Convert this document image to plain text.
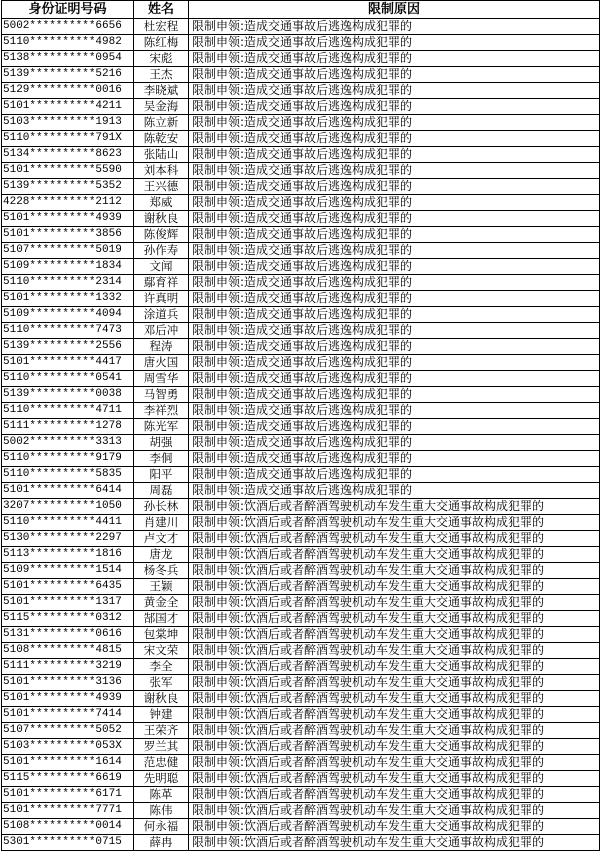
身份证明号码	姓名	限制原因
5002**********6656	杜宏程	限制申领:造成交通事故后逃逸构成犯罪的
5110**********4982	陈红梅	限制申领:造成交通事故后逃逸构成犯罪的
5138**********0954	宋彪	限制申领:造成交通事故后逃逸构成犯罪的
5139**********5216	王杰	限制申领:造成交通事故后逃逸构成犯罪的
5129**********0016	李晓斌	限制申领:造成交通事故后逃逸构成犯罪的
5101**********4211	吴金海	限制申领:造成交通事故后逃逸构成犯罪的
5103**********1913	陈立新	限制申领:造成交通事故后逃逸构成犯罪的
5110**********791X	陈乾安	限制申领:造成交通事故后逃逸构成犯罪的
5134**********8623	张陆山	限制申领:造成交通事故后逃逸构成犯罪的
5101**********5590	刘本科	限制申领:造成交通事故后逃逸构成犯罪的
5139**********5352	王兴德	限制申领:造成交通事故后逃逸构成犯罪的
4228**********2112	郑威	限制申领:造成交通事故后逃逸构成犯罪的
5101**********4939	谢秋良	限制申领:造成交通事故后逃逸构成犯罪的
5101**********3856	陈俊辉	限制申领:造成交通事故后逃逸构成犯罪的
5107**********5019	孙作寿	限制申领:造成交通事故后逃逸构成犯罪的
5109**********1834	文闻	限制申领:造成交通事故后逃逸构成犯罪的
5110**********2314	鄢育祥	限制申领:造成交通事故后逃逸构成犯罪的
5101**********1332	许真明	限制申领:造成交通事故后逃逸构成犯罪的
5109**********4094	涂道兵	限制申领:造成交通事故后逃逸构成犯罪的
5110**********7473	邓后冲	限制申领:造成交通事故后逃逸构成犯罪的
5139**********2556	程涛	限制申领:造成交通事故后逃逸构成犯罪的
5101**********4417	唐火国	限制申领:造成交通事故后逃逸构成犯罪的
5110**********0541	周雪华	限制申领:造成交通事故后逃逸构成犯罪的
5139**********0038	马智勇	限制申领:造成交通事故后逃逸构成犯罪的
5110**********4711	李祥烈	限制申领:造成交通事故后逃逸构成犯罪的
5111**********1278	陈光军	限制申领:造成交通事故后逃逸构成犯罪的
5002**********3313	胡强	限制申领:造成交通事故后逃逸构成犯罪的
5110**********9179	李侗	限制申领:造成交通事故后逃逸构成犯罪的
5110**********5835	阳平	限制申领:造成交通事故后逃逸构成犯罪的
5101**********6414	周磊	限制申领:造成交通事故后逃逸构成犯罪的
3207**********1050	孙长林	限制申领:饮酒后或者醉酒驾驶机动车发生重大交通事故构成犯罪的
5110**********4411	肖建川	限制申领:饮酒后或者醉酒驾驶机动车发生重大交通事故构成犯罪的
5130**********2297	卢文才	限制申领:饮酒后或者醉酒驾驶机动车发生重大交通事故构成犯罪的
5113**********1816	唐龙	限制申领:饮酒后或者醉酒驾驶机动车发生重大交通事故构成犯罪的
5109**********1514	杨冬兵	限制申领:饮酒后或者醉酒驾驶机动车发生重大交通事故构成犯罪的
5101**********6435	王颖	限制申领:饮酒后或者醉酒驾驶机动车发生重大交通事故构成犯罪的
5101**********1317	黄金全	限制申领:饮酒后或者醉酒驾驶机动车发生重大交通事故构成犯罪的
5115**********0312	郜国才	限制申领:饮酒后或者醉酒驾驶机动车发生重大交通事故构成犯罪的
5131**********0616	包棠坤	限制申领:饮酒后或者醉酒驾驶机动车发生重大交通事故构成犯罪的
5108**********4815	宋文荣	限制申领:饮酒后或者醉酒驾驶机动车发生重大交通事故构成犯罪的
5111**********3219	李全	限制申领:饮酒后或者醉酒驾驶机动车发生重大交通事故构成犯罪的
5101**********3136	张军	限制申领:饮酒后或者醉酒驾驶机动车发生重大交通事故构成犯罪的
5101**********4939	谢秋良	限制申领:饮酒后或者醉酒驾驶机动车发生重大交通事故构成犯罪的
5101**********7414	钟建	限制申领:饮酒后或者醉酒驾驶机动车发生重大交通事故构成犯罪的
5107**********5052	王荣齐	限制申领:饮酒后或者醉酒驾驶机动车发生重大交通事故构成犯罪的
5103**********053X	罗兰其	限制申领:饮酒后或者醉酒驾驶机动车发生重大交通事故构成犯罪的
5101**********1614	范忠健	限制申领:饮酒后或者醉酒驾驶机动车发生重大交通事故构成犯罪的
5115**********6619	先明聪	限制申领:饮酒后或者醉酒驾驶机动车发生重大交通事故构成犯罪的
5101**********6171	陈革	限制申领:饮酒后或者醉酒驾驶机动车发生重大交通事故构成犯罪的
5101**********7771	陈伟	限制申领:饮酒后或者醉酒驾驶机动车发生重大交通事故构成犯罪的
5108**********0014	何永福	限制申领:饮酒后或者醉酒驾驶机动车发生重大交通事故构成犯罪的
5301**********0715	薛冉	限制申领:饮酒后或者醉酒驾驶机动车发生重大交通事故构成犯罪的
